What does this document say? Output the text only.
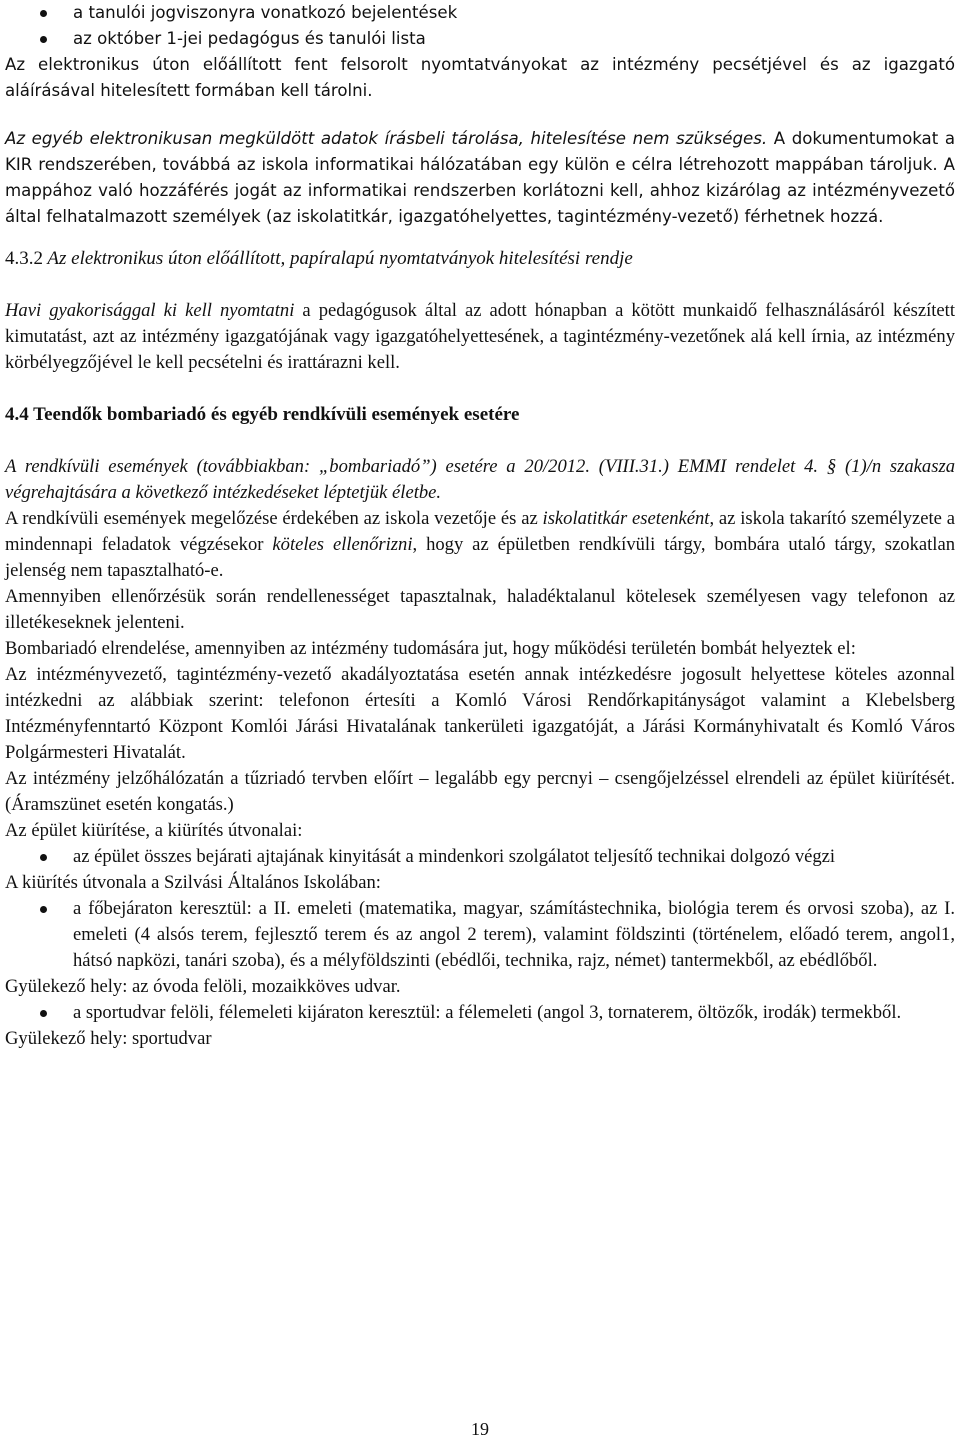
a tanulói jogviszonyra vonatkozó bejelentések
az október 1-jei pedagógus és tanulói lista

Az elektronikus úton előállított fent felsorolt nyomtatványokat az intézmény pecsétjével és az igazgató aláírásával hitelesített formában kell tárolni.

Az egyéb elektronikusan megküldött adatok írásbeli tárolása, hitelesítése nem szükséges. A dokumentumokat a KIR rendszerében, továbbá az iskola informatikai hálózatában egy külön e célra létrehozott mappában tároljuk. A mappához való hozzáférés jogát az informatikai rendszerben korlátozni kell, ahhoz kizárólag az intézményvezető által felhatalmazott személyek (az iskolatitkár, igazgatóhelyettes, tagintézmény-vezető) férhetnek hozzá.

4.3.2 Az elektronikus úton előállított, papíralapú nyomtatványok hitelesítési rendje

Havi gyakorisággal ki kell nyomtatni a pedagógusok által az adott hónapban a kötött munkaidő felhasználásáról készített kimutatást, azt az intézmény igazgatójának vagy igazgatóhelyettesének, a tagintézmény-vezetőnek alá kell írnia, az intézmény körbélyegzőjével le kell pecsételni és irattárazni kell.

4.4 Teendők bombariadó és egyéb rendkívüli események esetére

A rendkívüli események (továbbiakban: „bombariadó”) esetére a 20/2012. (VIII.31.) EMMI rendelet 4. § (1)/n szakasza végrehajtására a következő intézkedéseket léptetjük életbe.

A rendkívüli események megelőzése érdekében az iskola vezetője és az iskolatitkár esetenként, az iskola takarító személyzete a mindennapi feladatok végzésekor köteles ellenőrizni, hogy az épületben rendkívüli tárgy, bombára utaló tárgy, szokatlan jelenség nem tapasztalható-e.

Amennyiben ellenőrzésük során rendellenességet tapasztalnak, haladéktalanul kötelesek személyesen vagy telefonon az illetékeseknek jelenteni.

Bombariadó elrendelése, amennyiben az intézmény tudomására jut, hogy működési területén bombát helyeztek el:

Az intézményvezető, tagintézmény-vezető akadályoztatása esetén annak intézkedésre jogosult helyettese köteles azonnal intézkedni az alábbiak szerint: telefonon értesíti a Komló Városi Rendőrkapitányságot valamint a Klebelsberg Intézményfenntartó Központ Komlói Járási Hivatalának tankerületi igazgatóját, a Járási Kormányhivatalt és Komló Város Polgármesteri Hivatalát.

Az intézmény jelzőhálózatán a tűzriadó tervben előírt – legalább egy percnyi – csengőjelzéssel elrendeli az épület kiürítését. (Áramszünet esetén kongatás.)

Az épület kiürítése, a kiürítés útvonalai:

az épület összes bejárati ajtajának kinyitását a mindenkori szolgálatot teljesítő technikai dolgozó végzi

A kiürítés útvonala a Szilvási Általános Iskolában:

a főbejáraton keresztül: a II. emeleti (matematika, magyar, számítástechnika, biológia terem és orvosi szoba), az I. emeleti (4 alsós terem, fejlesztő terem és az angol 2 terem), valamint földszinti (történelem, előadó terem, angol1, hátsó napközi, tanári szoba), és a mélyföldszinti (ebédlői, technika, rajz, német) tantermekből, az ebédlőből.

Gyülekező hely: az óvoda felöli, mozaikköves udvar.

a sportudvar felöli, félemeleti kijáraton keresztül: a félemeleti (angol 3, tornaterem, öltözők, irodák) termekből.

Gyülekező hely: sportudvar

19
